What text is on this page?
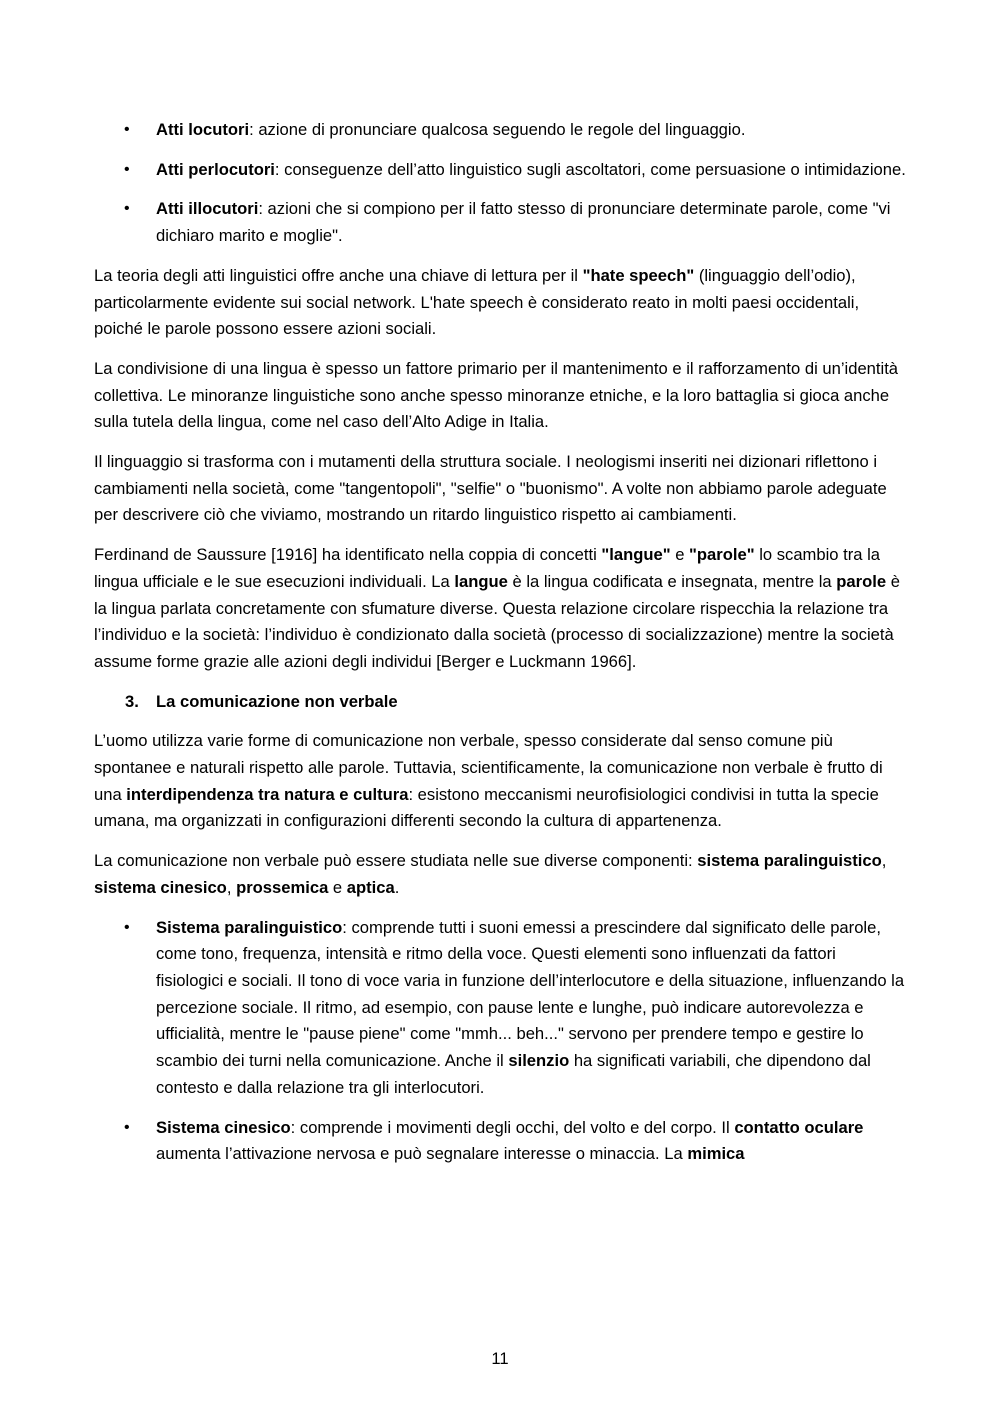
• Atti locutori: azione di pronunciare qualcosa seguendo le regole del linguaggio.
• Atti perlocutori: conseguenze dell’atto linguistico sugli ascoltatori, come persuasione o intimidazione.
• Atti illocutori: azioni che si compiono per il fatto stesso di pronunciare determinate parole, come "vi dichiaro marito e moglie".

La teoria degli atti linguistici offre anche una chiave di lettura per il "hate speech" (linguaggio dell’odio), particolarmente evidente sui social network. L'hate speech è considerato reato in molti paesi occidentali, poiché le parole possono essere azioni sociali.

La condivisione di una lingua è spesso un fattore primario per il mantenimento e il rafforzamento di un’identità collettiva. Le minoranze linguistiche sono anche spesso minoranze etniche, e la loro battaglia si gioca anche sulla tutela della lingua, come nel caso dell’Alto Adige in Italia.

Il linguaggio si trasforma con i mutamenti della struttura sociale. I neologismi inseriti nei dizionari riflettono i cambiamenti nella società, come "tangentopoli", "selfie" o "buonismo". A volte non abbiamo parole adeguate per descrivere ciò che viviamo, mostrando un ritardo linguistico rispetto ai cambiamenti.

Ferdinand de Saussure [1916] ha identificato nella coppia di concetti "langue" e "parole" lo scambio tra la lingua ufficiale e le sue esecuzioni individuali. La langue è la lingua codificata e insegnata, mentre la parole è la lingua parlata concretamente con sfumature diverse. Questa relazione circolare rispecchia la relazione tra l’individuo e la società: l’individuo è condizionato dalla società (processo di socializzazione) mentre la società assume forme grazie alle azioni degli individui [Berger e Luckmann 1966].

3. La comunicazione non verbale

L’uomo utilizza varie forme di comunicazione non verbale, spesso considerate dal senso comune più spontanee e naturali rispetto alle parole. Tuttavia, scientificamente, la comunicazione non verbale è frutto di una interdipendenza tra natura e cultura: esistono meccanismi neurofisiologici condivisi in tutta la specie umana, ma organizzati in configurazioni differenti secondo la cultura di appartenenza.

La comunicazione non verbale può essere studiata nelle sue diverse componenti: sistema paralinguistico, sistema cinesico, prossemica e aptica.

• Sistema paralinguistico: comprende tutti i suoni emessi a prescindere dal significato delle parole, come tono, frequenza, intensità e ritmo della voce. Questi elementi sono influenzati da fattori fisiologici e sociali. Il tono di voce varia in funzione dell’interlocutore e della situazione, influenzando la percezione sociale. Il ritmo, ad esempio, con pause lente e lunghe, può indicare autorevolezza e ufficialità, mentre le "pause piene" come "mmh... beh..." servono per prendere tempo e gestire lo scambio dei turni nella comunicazione. Anche il silenzio ha significati variabili, che dipendono dal contesto e dalla relazione tra gli interlocutori.
• Sistema cinesico: comprende i movimenti degli occhi, del volto e del corpo. Il contatto oculare aumenta l’attivazione nervosa e può segnalare interesse o minaccia. La mimica
11
